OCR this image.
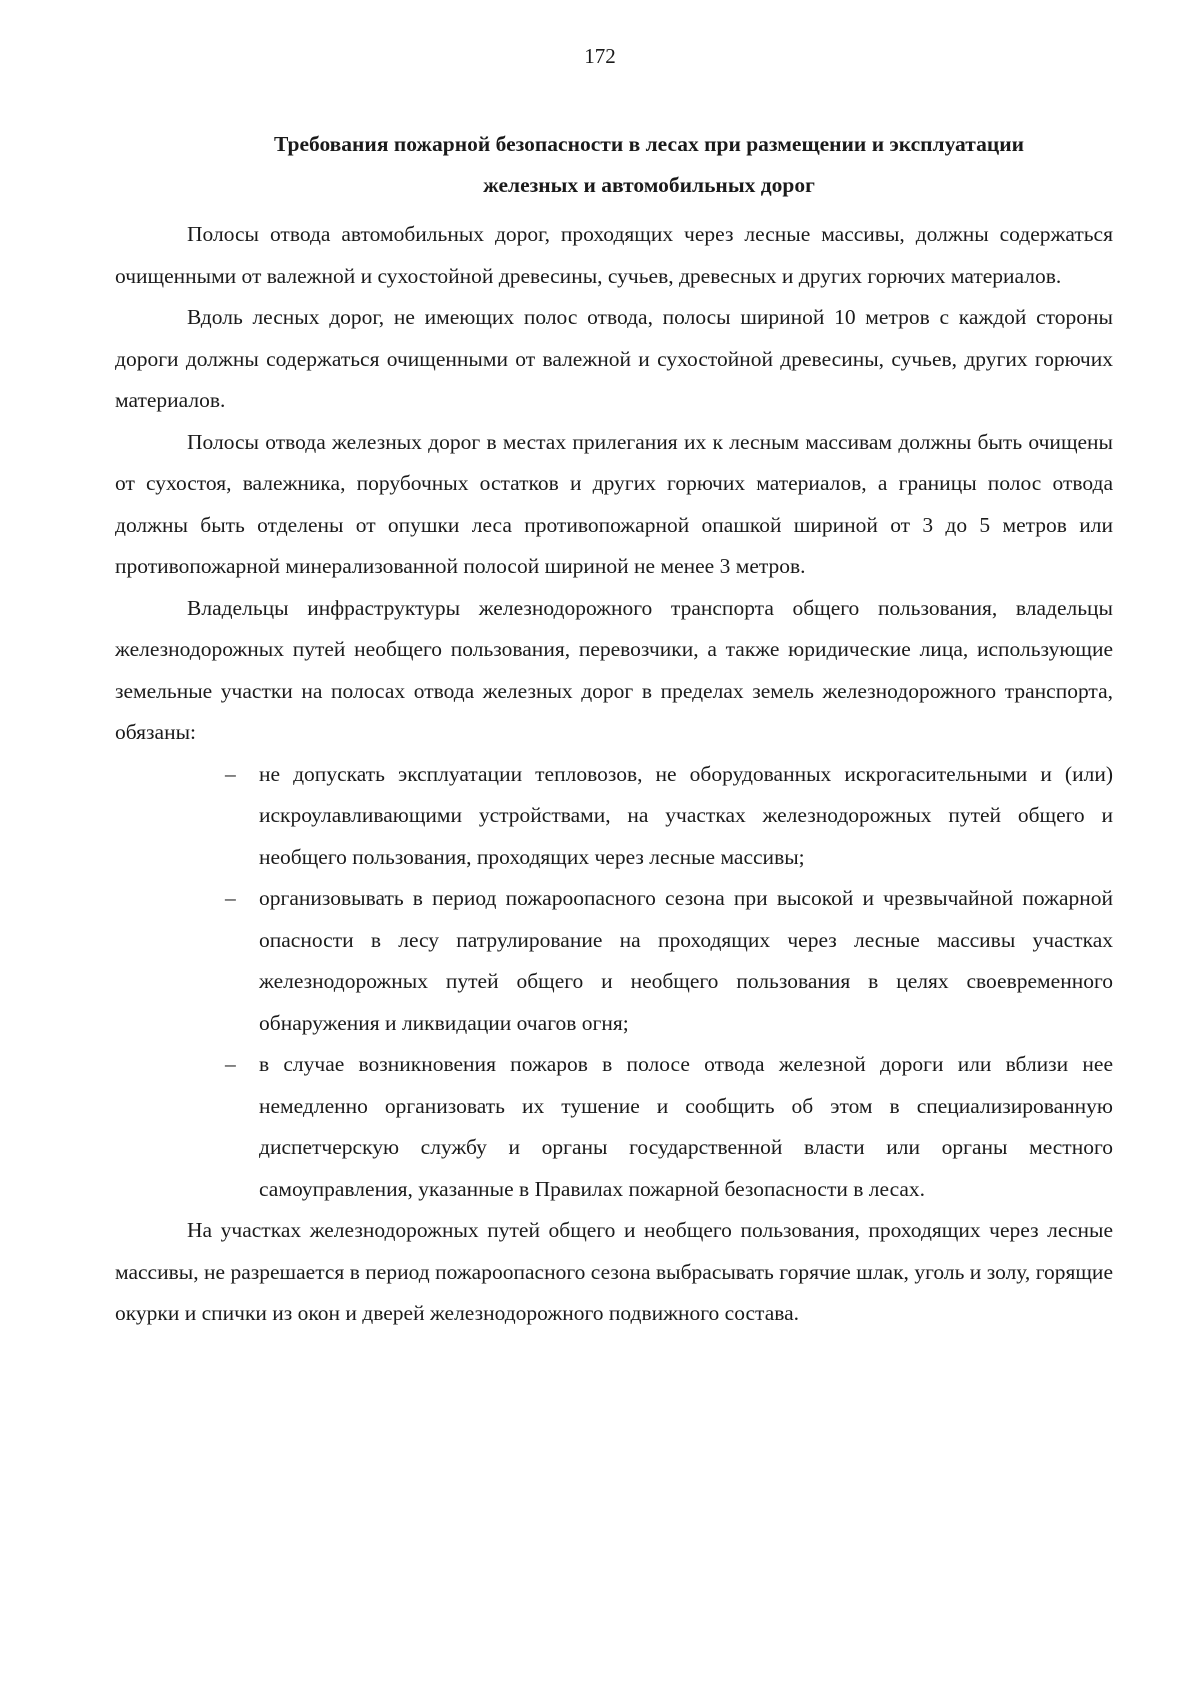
172

Требования пожарной безопасности в лесах при размещении и эксплуатации
железных и автомобильных дорог

Полосы отвода автомобильных дорог, проходящих через лесные массивы, должны содержаться очищенными от валежной и сухостойной древесины, сучьев, древесных и других горючих материалов.

Вдоль лесных дорог, не имеющих полос отвода, полосы шириной 10 метров с каждой стороны дороги должны содержаться очищенными от валежной и сухостойной древесины, сучьев, других горючих материалов.

Полосы отвода железных дорог в местах прилегания их к лесным массивам должны быть очищены от сухостоя, валежника, порубочных остатков и других горючих материалов, а границы полос отвода должны быть отделены от опушки леса противопожарной опашкой шириной от 3 до 5 метров или противопожарной минерализованной полосой шириной не менее 3 метров.

Владельцы инфраструктуры железнодорожного транспорта общего пользования, владельцы железнодорожных путей необщего пользования, перевозчики, а также юридические лица, использующие земельные участки на полосах отвода железных дорог в пределах земель железнодорожного транспорта, обязаны:

– не допускать эксплуатации тепловозов, не оборудованных искрогасительными и (или) искроулавливающими устройствами, на участках железнодорожных путей общего и необщего пользования, проходящих через лесные массивы;
– организовывать в период пожароопасного сезона при высокой и чрезвычайной пожарной опасности в лесу патрулирование на проходящих через лесные массивы участках железнодорожных путей общего и необщего пользования в целях своевременного обнаружения и ликвидации очагов огня;
– в случае возникновения пожаров в полосе отвода железной дороги или вблизи нее немедленно организовать их тушение и сообщить об этом в специализированную диспетчерскую службу и органы государственной власти или органы местного самоуправления, указанные в Правилах пожарной безопасности в лесах.

На участках железнодорожных путей общего и необщего пользования, проходящих через лесные массивы, не разрешается в период пожароопасного сезона выбрасывать горячие шлак, уголь и золу, горящие окурки и спички из окон и дверей железнодорожного подвижного состава.
